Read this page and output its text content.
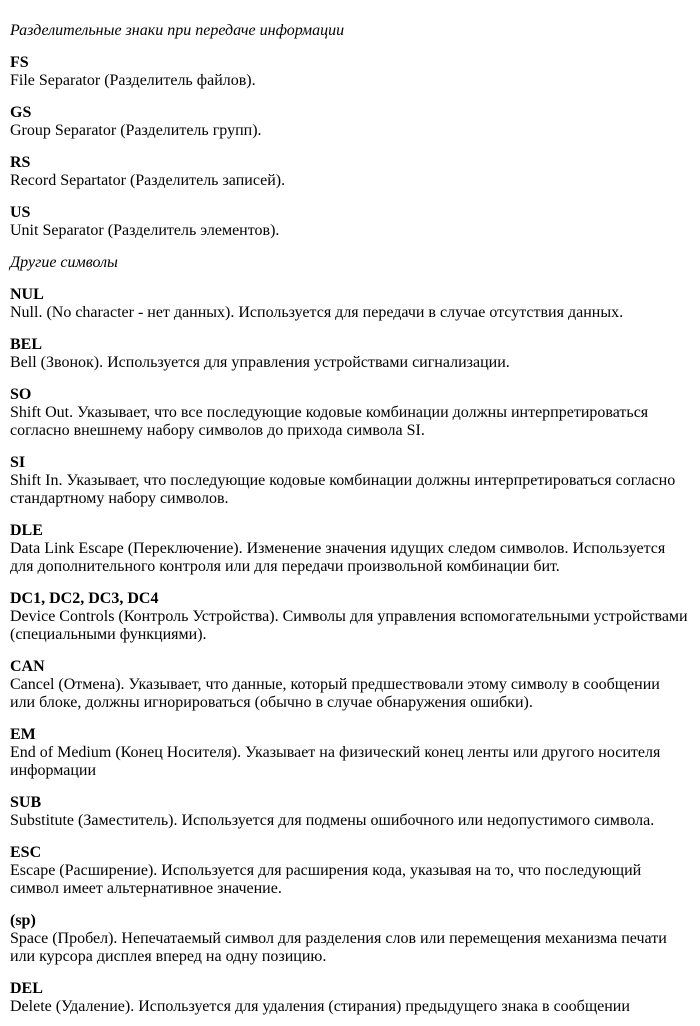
Разделительные знаки при передаче информации
FS
File Separator (Разделитель файлов).
GS
Group Separator (Разделитель групп).
RS
Record Separtator (Разделитель записей).
US
Unit Separator (Разделитель элементов).
Другие символы
NUL
Null. (No character - нет данных). Используется для передачи в случае отсутствия данных.
BEL
Bell (Звонок). Используется для управления устройствами сигнализации.
SO
Shift Out. Указывает, что все последующие кодовые комбинации должны интерпретироваться согласно внешнему набору символов до прихода символа SI.
SI
Shift In. Указывает, что последующие кодовые комбинации должны интерпретироваться согласно стандартному набору символов.
DLE
Data Link Escape (Переключение). Изменение значения идущих следом символов. Используется для дополнительного контроля или для передачи произвольной комбинации бит.
DC1, DC2, DC3, DC4
Device Controls (Контроль Устройства). Символы для управления вспомогательными устройствами (специальными функциями).
CAN
Cancel (Отмена). Указывает, что данные, который предшествовали этому символу в сообщении или блоке, должны игнорироваться (обычно в случае обнаружения ошибки).
EM
End of Medium (Конец Носителя). Указывает на физический конец ленты или другого носителя информации
SUB
Substitute (Заместитель). Используется для подмены ошибочного или недопустимого символа.
ESC
Escape (Расширение). Используется для расширения кода, указывая на то, что последующий символ имеет альтернативное значение.
(sp)
Space (Пробел). Непечатаемый символ для разделения слов или перемещения механизма печати или курсора дисплея вперед на одну позицию.
DEL
Delete (Удаление). Используется для удаления (стирания) предыдущего знака в сообщении
